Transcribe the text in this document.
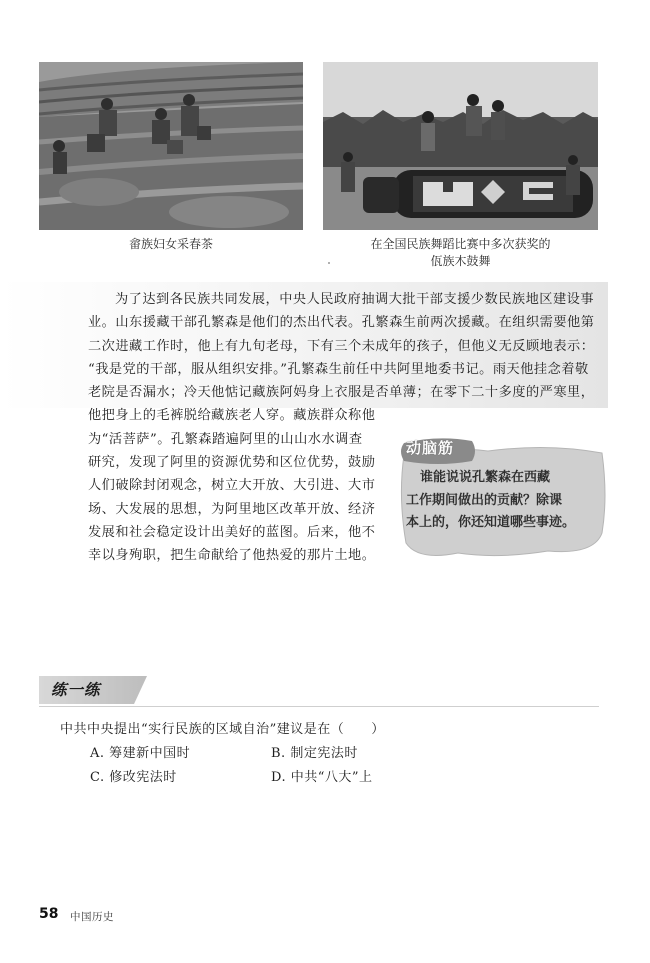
畲族妇女采春茶	在全国民族舞蹈比赛中多次获奖的
佤族木鼓舞
为了达到各民族共同发展，中央人民政府抽调大批干部支援少数民族地区建设事
业。山东援藏干部孔繁森是他们的杰出代表。孔繁森生前两次援藏。在组织需要他第
二次进藏工作时，他上有九旬老母，下有三个未成年的孩子，但他义无反顾地表示：
“我是党的干部，服从组织安排。”孔繁森生前任中共阿里地委书记。雨天他挂念着敬
老院是否漏水；冷天他惦记藏族阿妈身上衣服是否单薄；在零下二十多度的严寒里，
他把身上的毛裤脱给藏族老人穿。藏族群众称他
为“活菩萨”。孔繁森踏遍阿里的山山水水调查
研究，发现了阿里的资源优势和区位优势，鼓励
人们破除封闭观念，树立大开放、大引进、大市
场、大发展的思想，为阿里地区改革开放、经济
发展和社会稳定设计出美好的蓝图。后来，他不
幸以身殉职，把生命献给了他热爱的那片土地。
动脑筋
谁能说说孔繁森在西藏
工作期间做出的贡献？除课
本上的，你还知道哪些事迹。
练一练
中共中央提出“实行民族的区域自治”建议是在（　　）
A. 筹建新中国时	B. 制定宪法时
C. 修改宪法时	D. 中共“八大”上
58 中国历史
